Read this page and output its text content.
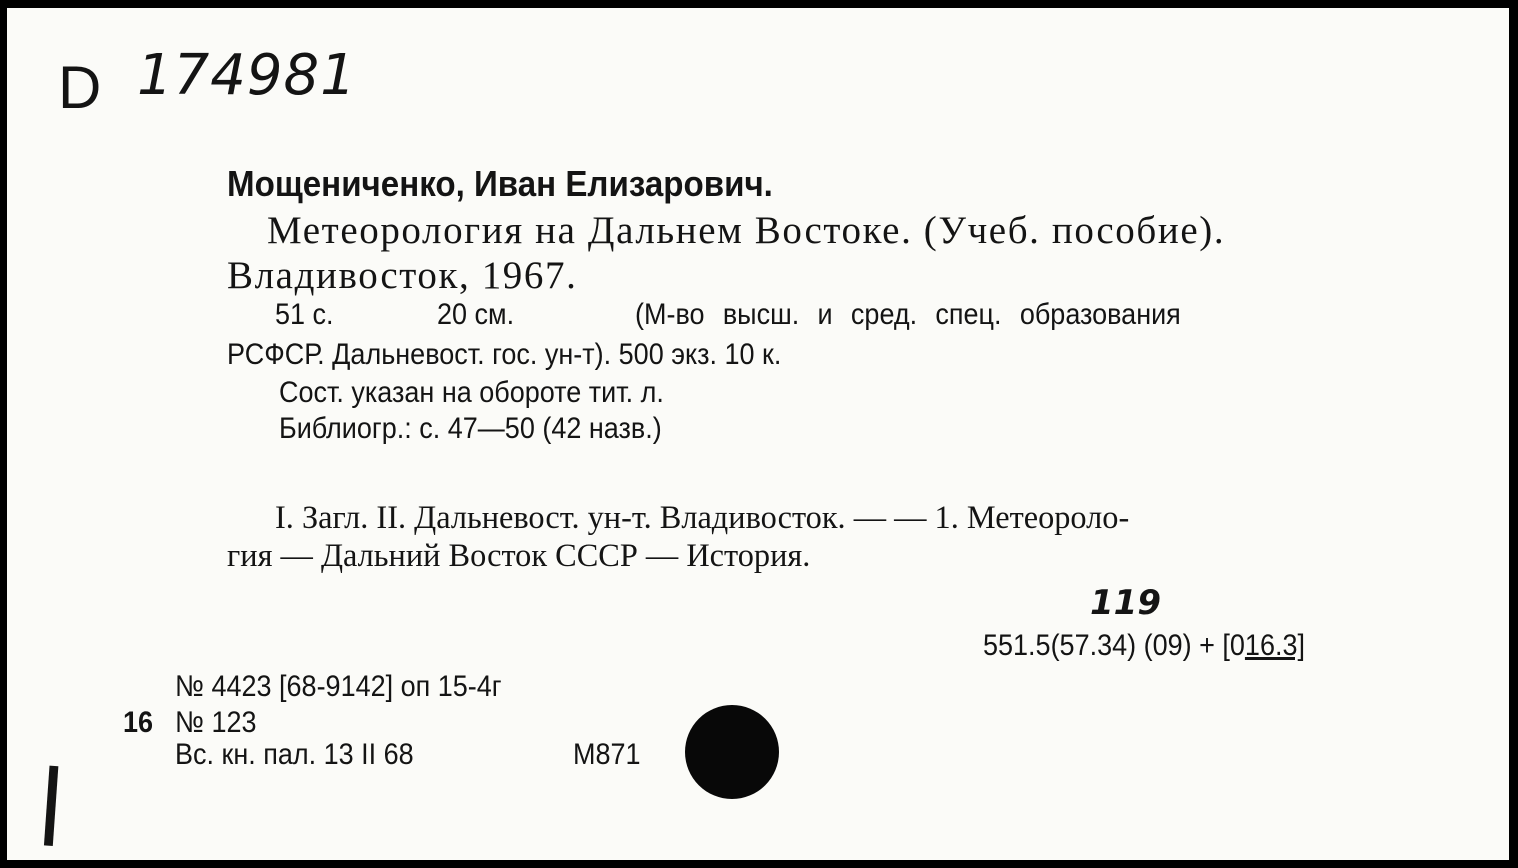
D 174981
Мощениченко, Иван Елизарович.
Метеорология на Дальнем Востоке. (Учеб. пособие).
Владивосток, 1967.
51 с.	20 см.	(М-во высш. и сред. спец. образования
РСФСР. Дальневост. гос. ун-т). 500 экз. 10 к.
Сост. указан на обороте тит. л.
Библиогр.: с. 47—50 (42 назв.)
I. Загл. II. Дальневост. ун-т. Владивосток. — — 1. Метеороло-
гия — Дальний Восток СССР — История.
119
551.5(57.34) (09) + [016.3]
№ 4423 [68-9142] оп 15-4г
16 № 123
Вс. кн. пал. 13 II 68	М871
|
